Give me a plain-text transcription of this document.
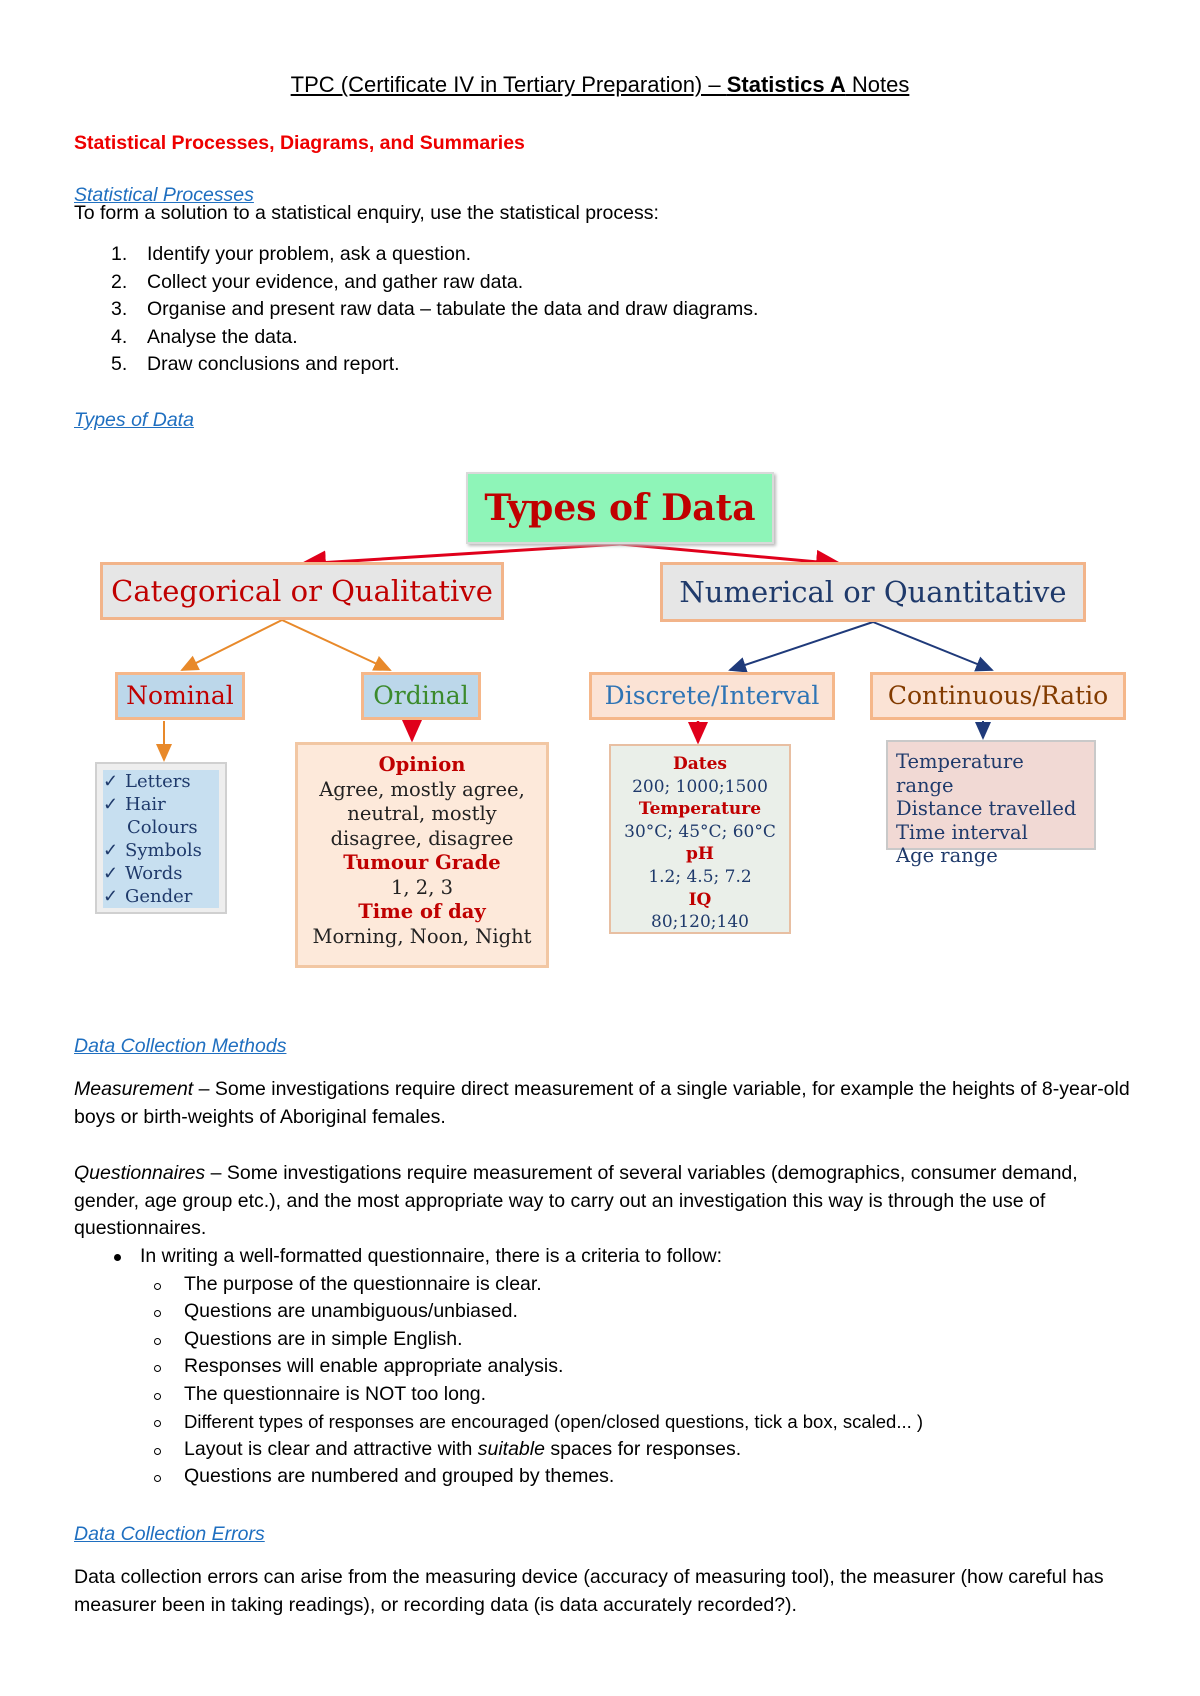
TPC (Certificate IV in Tertiary Preparation) – Statistics A Notes
Statistical Processes, Diagrams, and Summaries
Statistical Processes
To form a solution to a statistical enquiry, use the statistical process:
1. Identify your problem, ask a question.
2. Collect your evidence, and gather raw data.
3. Organise and present raw data – tabulate the data and draw diagrams.
4. Analyse the data.
5. Draw conclusions and report.
Types of Data
Types of Data
Categorical or Qualitative	Numerical or Quantitative
Nominal	Ordinal	Discrete/Interval	Continuous/Ratio
✓ Letters
✓ Hair
Colours
✓ Symbols
✓ Words
✓ Gender
Opinion
Agree, mostly agree,
neutral, mostly
disagree, disagree
Tumour Grade
1, 2, 3
Time of day
Morning, Noon, Night
Dates
200; 1000;1500
Temperature
30°C; 45°C; 60°C
pH
1.2; 4.5; 7.2
IQ
80;120;140
Temperature range
Distance travelled
Time interval
Age range
Data Collection Methods
Measurement – Some investigations require direct measurement of a single variable, for example the heights of 8-year-old boys or birth-weights of Aboriginal females.
Questionnaires – Some investigations require measurement of several variables (demographics, consumer demand, gender, age group etc.), and the most appropriate way to carry out an investigation this way is through the use of questionnaires.
In writing a well-formatted questionnaire, there is a criteria to follow:
The purpose of the questionnaire is clear.
Questions are unambiguous/unbiased.
Questions are in simple English.
Responses will enable appropriate analysis.
The questionnaire is NOT too long.
Different types of responses are encouraged (open/closed questions, tick a box, scaled... )
Layout is clear and attractive with suitable spaces for responses.
Questions are numbered and grouped by themes.
Data Collection Errors
Data collection errors can arise from the measuring device (accuracy of measuring tool), the measurer (how careful has measurer been in taking readings), or recording data (is data accurately recorded?).
